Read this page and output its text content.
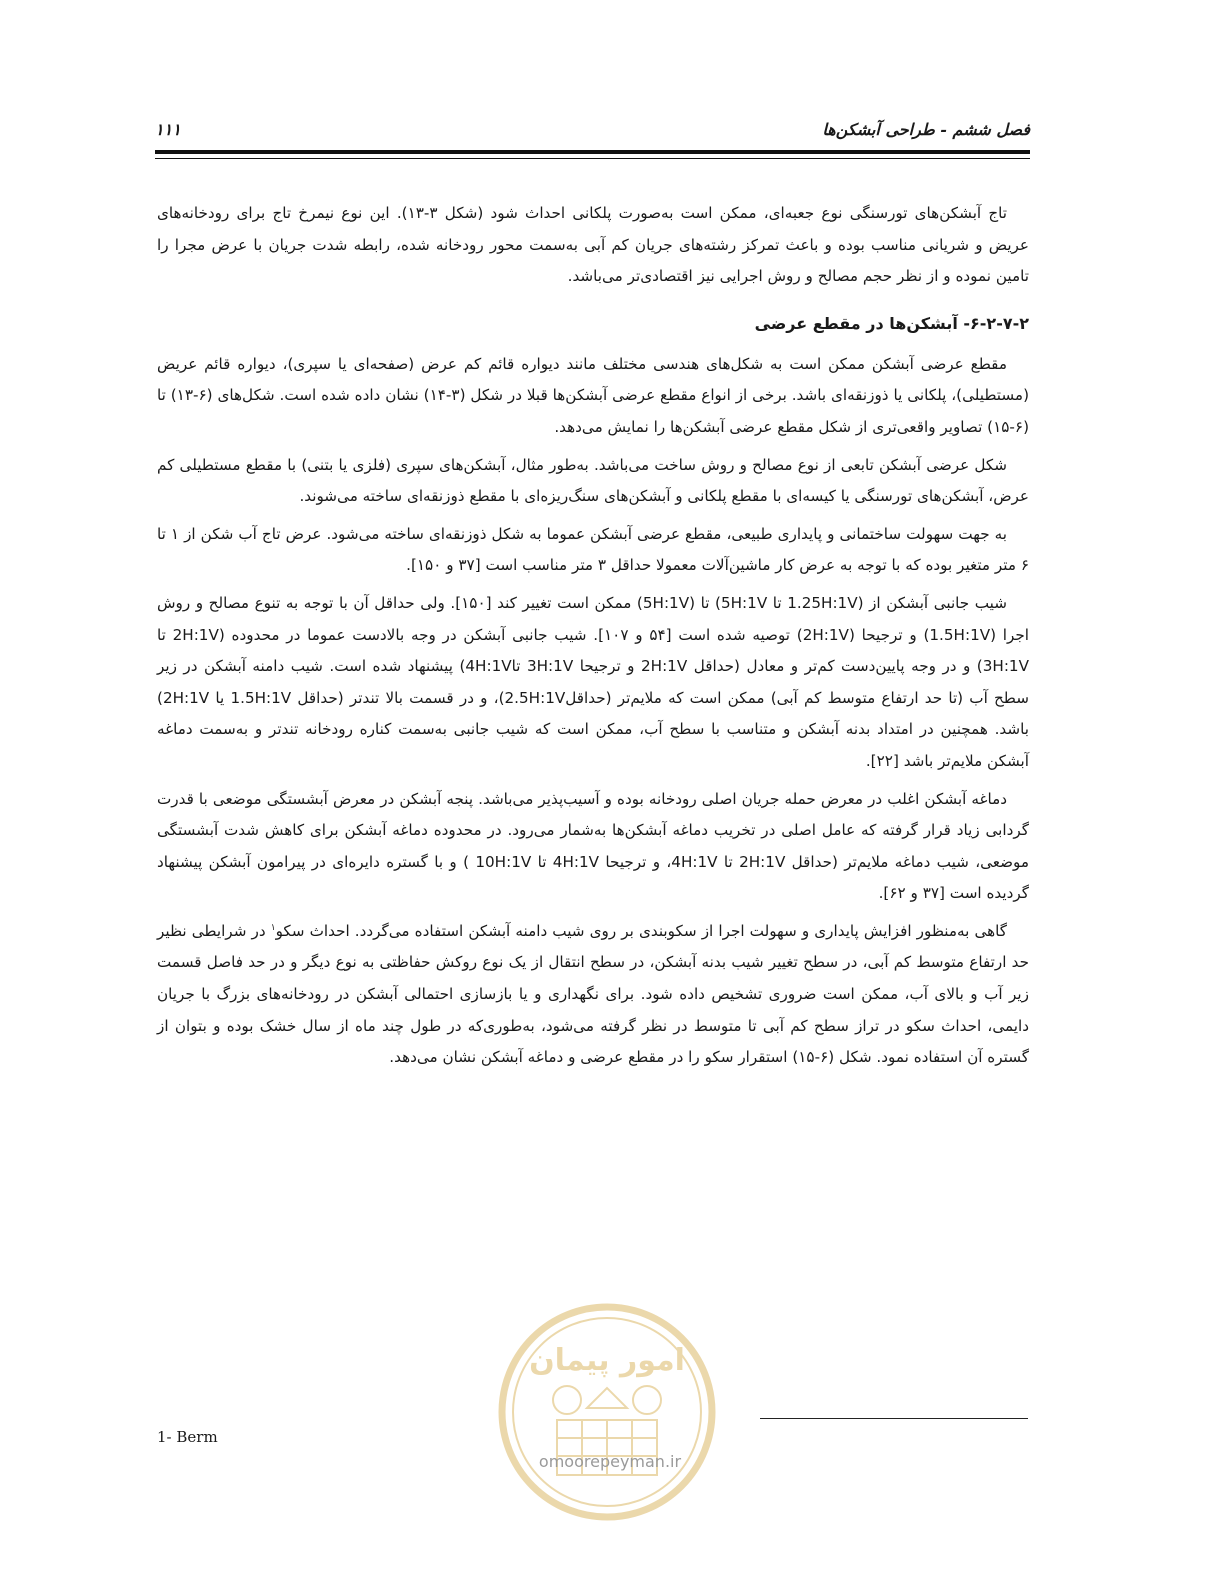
فصل ششم - طراحی آبشکن‌ها
۱۱۱

تاج آبشکن‌های تورسنگی نوع جعبه‌ای، ممکن است به‌صورت پلکانی احداث شود (شکل ۳-۱۳). این نوع نیمرخ تاج برای رودخانه‌های عریض و شریانی مناسب بوده و باعث تمرکز رشته‌های جریان کم آبی به‌سمت محور رودخانه شده، رابطه شدت جریان با عرض مجرا را تامین نموده و از نظر حجم مصالح و روش اجرایی نیز اقتصادی‌تر می‌باشد.

۶-۲-۷-۲- آبشکن‌ها در مقطع عرضی

مقطع عرضی آبشکن ممکن است به شکل‌های هندسی مختلف مانند دیواره قائم کم عرض (صفحه‌ای یا سپری)، دیواره قائم عریض (مستطیلی)، پلکانی یا ذوزنقه‌ای باشد. برخی از انواع مقطع عرضی آبشکن‌ها قبلا در شکل (۳-۱۴) نشان داده شده است. شکل‌های (۶-۱۳) تا (۶-۱۵) تصاویر واقعی‌تری از شکل مقطع عرضی آبشکن‌ها را نمایش می‌دهد.

شکل عرضی آبشکن تابعی از نوع مصالح و روش ساخت می‌باشد. به‌طور مثال، آبشکن‌های سپری (فلزی یا بتنی) با مقطع مستطیلی کم عرض، آبشکن‌های تورسنگی یا کیسه‌ای با مقطع پلکانی و آبشکن‌های سنگ‌ریزه‌ای با مقطع ذوزنقه‌ای ساخته می‌شوند.

به جهت سهولت ساختمانی و پایداری طبیعی، مقطع عرضی آبشکن عموما به شکل ذوزنقه‌ای ساخته می‌شود. عرض تاج آب شکن از ۱ تا ۶ متر متغیر بوده که با توجه به عرض کار ماشین‌آلات معمولا حداقل ۳ متر مناسب است [۳۷ و ۱۵۰].

شیب جانبی آبشکن از (1.25H:1V تا 5H:1V) تا (5H:1V) ممکن است تغییر کند [۱۵۰]. ولی حداقل آن با توجه به تنوع مصالح و روش اجرا (1.5H:1V) و ترجیحا (2H:1V) توصیه شده است [۵۴ و ۱۰۷]. شیب جانبی آبشکن در وجه بالادست عموما در محدوده (2H:1V تا 3H:1V) و در وجه پایین‌دست کم‌تر و معادل (حداقل 2H:1V و ترجیحا 3H:1V تا4H:1V) پیشنهاد شده است. شیب دامنه آبشکن در زیر سطح آب (تا حد ارتفاع متوسط کم آبی) ممکن است که ملایم‌تر (حداقل2.5H:1V)، و در قسمت بالا تندتر (حداقل 1.5H:1V یا 2H:1V) باشد. همچنین در امتداد بدنه آبشکن و متناسب با سطح آب، ممکن است که شیب جانبی به‌سمت کناره رودخانه تندتر و به‌سمت دماغه آبشکن ملایم‌تر باشد [۲۲].

دماغه آبشکن اغلب در معرض حمله جریان اصلی رودخانه بوده و آسیب‌پذیر می‌باشد. پنجه آبشکن در معرض آبشستگی موضعی با قدرت گردابی زیاد قرار گرفته که عامل اصلی در تخریب دماغه آبشکن‌ها به‌شمار می‌رود. در محدوده دماغه آبشکن برای کاهش شدت آبشستگی موضعی، شیب دماغه ملایم‌تر (حداقل 2H:1V تا 4H:1V، و ترجیحا 4H:1V تا 10H:1V ) و با گستره دایره‌ای در پیرامون آبشکن پیشنهاد گردیده است [۳۷ و ۶۲].

گاهی به‌منظور افزایش پایداری و سهولت اجرا از سکوبندی بر روی شیب دامنه آبشکن استفاده می‌گردد. احداث سکو$^۱$ در شرایطی نظیر حد ارتفاع متوسط کم آبی، در سطح تغییر شیب بدنه آبشکن، در سطح انتقال از یک نوع روکش حفاظتی به نوع دیگر و در حد فاصل قسمت زیر آب و بالای آب، ممکن است ضروری تشخیص داده شود. برای نگهداری و یا بازسازی احتمالی آبشکن در رودخانه‌های بزرگ با جریان دایمی، احداث سکو در تراز سطح کم آبی تا متوسط در نظر گرفته می‌شود، به‌طوری‌که در طول چند ماه از سال خشک بوده و بتوان از گستره آن استفاده نمود. شکل (۶-۱۵) استقرار سکو را در مقطع عرضی و دماغه آبشکن نشان می‌دهد.

امور پیمان
omoorepeyman.ir
1- Berm
